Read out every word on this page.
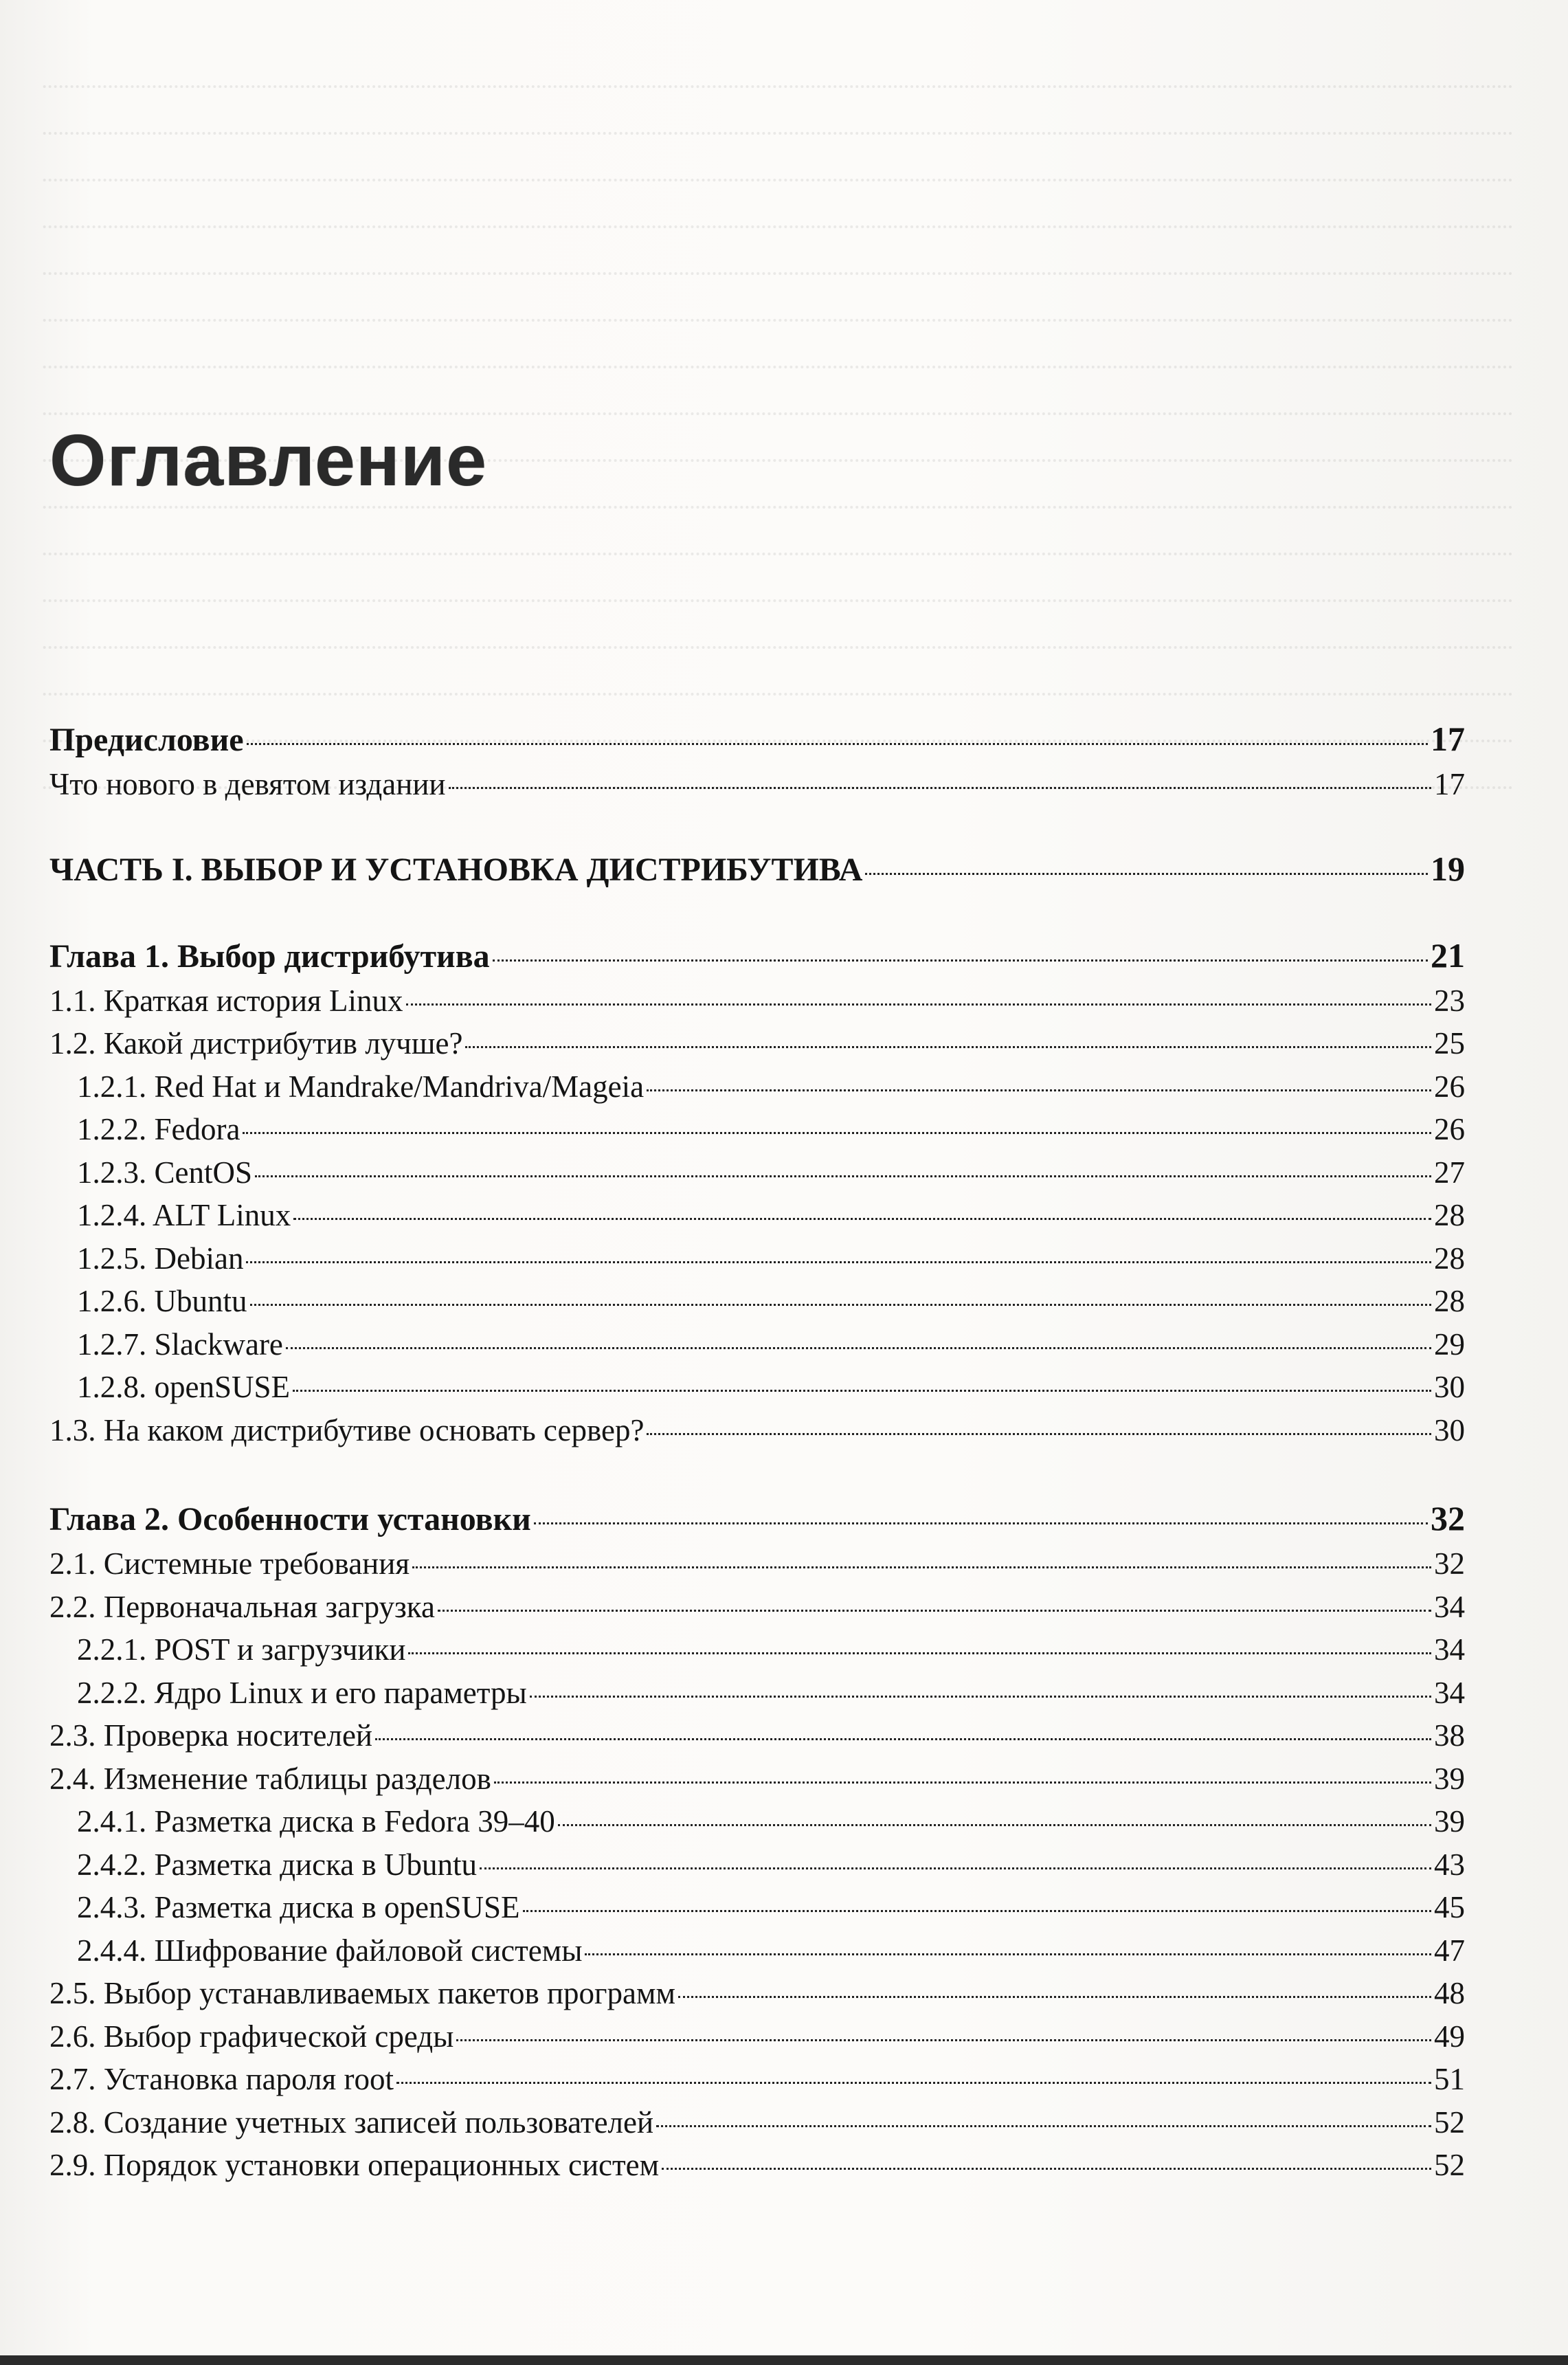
Оглавление
Предисловие	17
Что нового в девятом издании	17
ЧАСТЬ I. ВЫБОР И УСТАНОВКА ДИСТРИБУТИВА	19
Глава 1. Выбор дистрибутива	21
1.1. Краткая история Linux	23
1.2. Какой дистрибутив лучше?	25
1.2.1. Red Hat и Mandrake/Mandriva/Mageia	26
1.2.2. Fedora	26
1.2.3. CentOS	27
1.2.4. ALT Linux	28
1.2.5. Debian	28
1.2.6. Ubuntu	28
1.2.7. Slackware	29
1.2.8. openSUSE	30
1.3. На каком дистрибутиве основать сервер?	30
Глава 2. Особенности установки	32
2.1. Системные требования	32
2.2. Первоначальная загрузка	34
2.2.1. POST и загрузчики	34
2.2.2. Ядро Linux и его параметры	34
2.3. Проверка носителей	38
2.4. Изменение таблицы разделов	39
2.4.1. Разметка диска в Fedora 39–40	39
2.4.2. Разметка диска в Ubuntu	43
2.4.3. Разметка диска в openSUSE	45
2.4.4. Шифрование файловой системы	47
2.5. Выбор устанавливаемых пакетов программ	48
2.6. Выбор графической среды	49
2.7. Установка пароля root	51
2.8. Создание учетных записей пользователей	52
2.9. Порядок установки операционных систем	52
